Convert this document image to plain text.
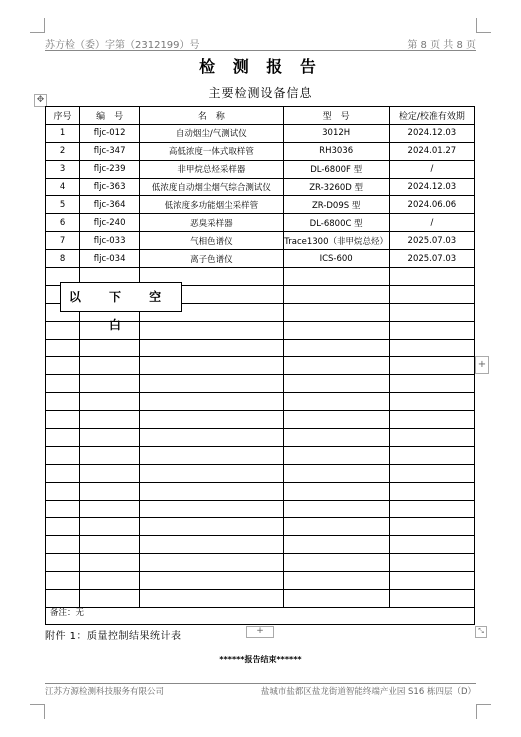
苏方检（委）字第（2312199）号	第 8 页 共 8 页
检 测 报 告
主要检测设备信息
✥
序号	编　号	名　称	型　号	检定/校准有效期
1	fljc-012	自动烟尘/气测试仪	3012H	2024.12.03
2	fljc-347	高低浓度一体式取样管	RH3036	2024.01.27
3	fljc-239	非甲烷总烃采样器	DL-6800F 型	/
4	fljc-363	低浓度自动烟尘烟气综合测试仪	ZR-3260D 型	2024.12.03
5	fljc-364	低浓度多功能烟尘采样管	ZR-D09S 型	2024.06.06
6	fljc-240	恶臭采样器	DL-6800C 型	/
7	fljc-033	气相色谱仪	Trace1300（非甲烷总烃）	2025.07.03
8	fljc-034	离子色谱仪	ICS-600	2025.07.03

备注：无
以 下 空 白
+
+	⤡
附件 1：质量控制结果统计表
******报告结束******
江苏方源检测科技服务有限公司	盐城市盐都区盐龙街道智能终端产业园 S16 栋四层（D）
